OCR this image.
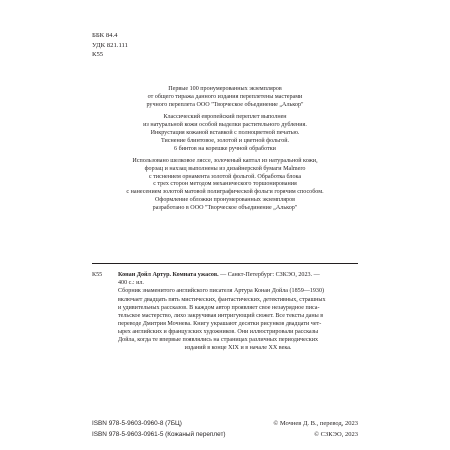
ББК 84.4
УДК 821.111
К55
Первые 100 пронумерованных экземпляров
от общего тиража данного издания переплетены мастерами
ручного переплета ООО "Творческое объединение „Алькор"
Классический европейский переплет выполнен
из натуральной кожи особой выделки растительного дубления.
Инкрустация кожаной вставкой с полноцветной печатью.
Тиснение блинтовое, золотой и цветной фольгой.
6 бинтов на корешке ручной обработки
Использовано шелковое ляссе, золоченый каптал из натуральной кожи,
форзац и нахзац выполнены из дизайнерской бумаги Malmero
с тиснением орнамента золотой фольгой. Обработка блока
с трех сторон методом механического торшонирования
с нанесением золотой матовой полиграфической фольги горячим способом.
Оформление обложки пронумерованных экземпляров
разработано в ООО "Творческое объединение „Алькор"
К55	Конан Дойл Артур. Комната ужасов. — Санкт-Петербург: СЗКЭО, 2023. —
400 с.: ил.
Сборник знаменитого английского писателя Артура Конан Дойла (1859—1930)
включает двадцать пять мистических, фантастических, детективных, страшных
и удивительных рассказов. В каждом автор проявляет свое незаурядное писа-
тельское мастерство, лихо закручивая интригующий сюжет. Все тексты даны в
переводе Дмитрия Мочнева. Книгу украшают десятки рисунков двадцати чет-
ырех английских и французских художников. Они иллюстрировали рассказы
Дойла, когда те впервые появлялись на страницах различных периодических
изданий в конце XIX и в начале XX века.
ISBN 978-5-9603-0960-8 (7БЦ)
ISBN 978-5-9603-0961-5 (Кожаный переплет)
© Мочнев Д. В., перевод, 2023
© СЗКЭО, 2023
